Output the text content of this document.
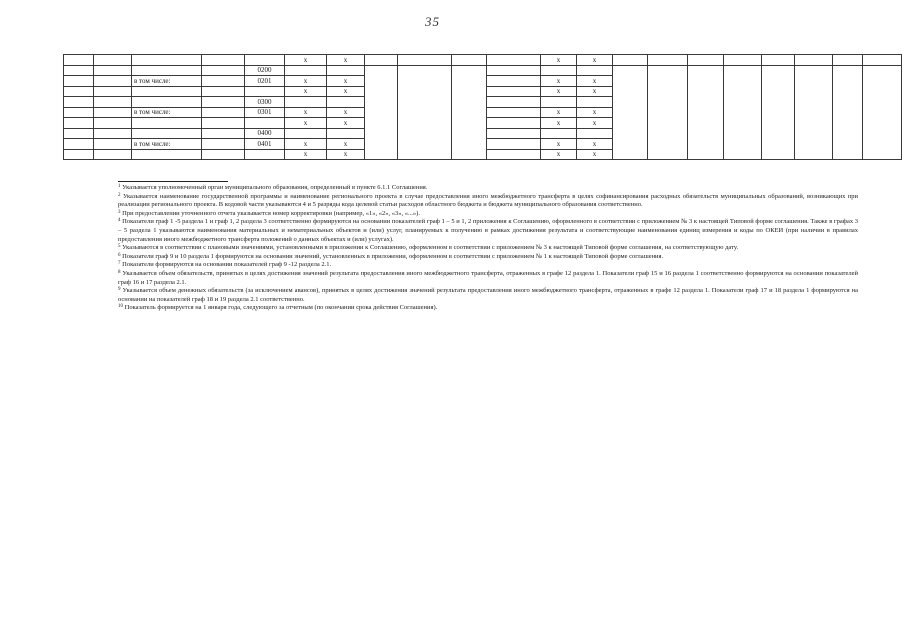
35
					x	x					x	x								
				0200																
		в том числе:		0201	x	x					x	x								
					x	x					x	x								
				0300																
		в том числе:		0301	x	x					x	x								
					x	x					x	x								
				0400																
		в том числе:		0401	x	x					x	x								
					x	x					x	x								

$^1$ Указывается уполномоченный орган муниципального образования, определенный в пункте 6.1.1 Соглашения.

$^2$ Указывается наименование государственной программы и наименование регионального проекта в случае предоставления иного межбюджетного трансферта в целях софинансирования расходных обязательств муниципальных образований, возникающих при реализации регионального проекта. В кодовой части указываются 4 и 5 разряды кода целевой статьи расходов областного бюджета и бюджета муниципального образования соответственно.

$^3$ При предоставлении уточненного отчета указывается номер корректировки (например, «1», «2», «3», «...»).

$^4$ Показатели граф 1 -5 раздела 1 и граф 1, 2 раздела 3 соответственно формируются на основании показателей граф 1 – 5 и 1, 2 приложения к Соглашению, оформленного в соответствии с приложением № 3 к настоящей Типовой форме соглашения. Также в графах 3 – 5 раздела 1 указываются наименования материальных и нематериальных объектов и (или) услуг, планируемых к получению в рамках достижения результата и соответствующие наименования единиц измерения и коды по ОКЕИ (при наличии в правилах предоставления иного межбюджетного трансферта положений о данных объектах и (или) услугах).

$^5$ Указываются в соответствии с плановыми значениями, установленными в приложении к Соглашению, оформленном в соответствии с приложением № 3 к настоящей Типовой форме соглашения, на соответствующую дату.

$^6$ Показатели граф 9 и 10 раздела 1 формируются на основании значений, установленных в приложении, оформленном в соответствии с приложением № 1 к настоящей Типовой форме соглашения.

$^7$ Показатели формируются на основании показателей граф 9 -12 раздела 2.1.

$^8$ Указывается объем обязательств, принятых в целях достижения значений результата предоставления иного межбюджетного трансферта, отраженных в графе 12 раздела 1. Показатели граф 15 и 16 раздела 1 соответственно формируются на основании показателей граф 16 и 17 раздела 2.1.

$^9$ Указывается объем денежных обязательств (за исключением авансов), принятых в целях достижения значений результата предоставления иного межбюджетного трансферта, отраженных в графе 12 раздела 1. Показатели граф 17 и 18 раздела 1 формируются на основании на показателей граф 18 и 19 раздела 2.1 соответственно.

$^{10}$ Показатель формируется на 1 января года, следующего за отчетным (по окончании срока действия Соглашения).
